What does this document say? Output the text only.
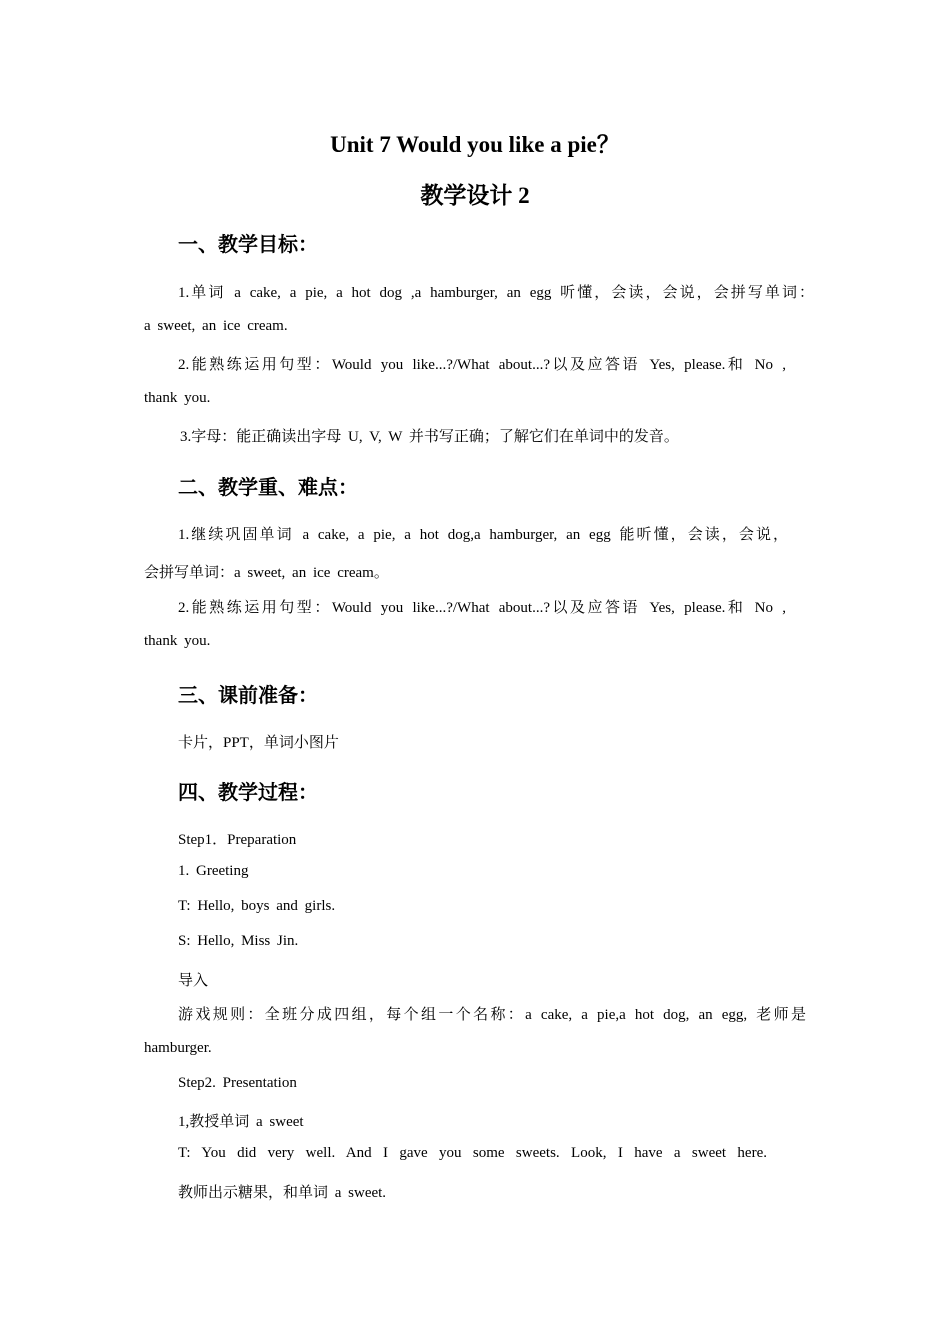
Unit 7 Would you like a pie？
教学设计 2
一、教学目标：
1.单词 a cake, a pie, a hot dog ,a hamburger, an egg 听懂，会读，会说，会拼写单词：
a sweet, an ice cream.
2.能熟练运用句型：Would you like...?/What about...?以及应答语 Yes, please.和 No ,
thank you.
3.字母：能正确读出字母 U, V, W 并书写正确；了解它们在单词中的发音。
二、教学重、难点：
1.继续巩固单词 a cake, a pie, a hot dog,a hamburger, an egg 能听懂，会读，会说，
会拼写单词：a sweet, an ice cream。
2.能熟练运用句型：Would you like...?/What about...?以及应答语 Yes, please.和 No ,
thank you.
三、课前准备：
卡片，PPT，单词小图片
四、教学过程：
Step1．Preparation
1. Greeting
T: Hello, boys and girls.
S: Hello, Miss Jin.
导入
游戏规则：全班分成四组，每个组一个名称：a cake, a pie,a hot dog, an egg, 老师是
hamburger.
Step2. Presentation
1,教授单词 a sweet
T: You did very well. And I gave you some sweets. Look, I have a sweet here.
教师出示糖果，和单词 a sweet.
